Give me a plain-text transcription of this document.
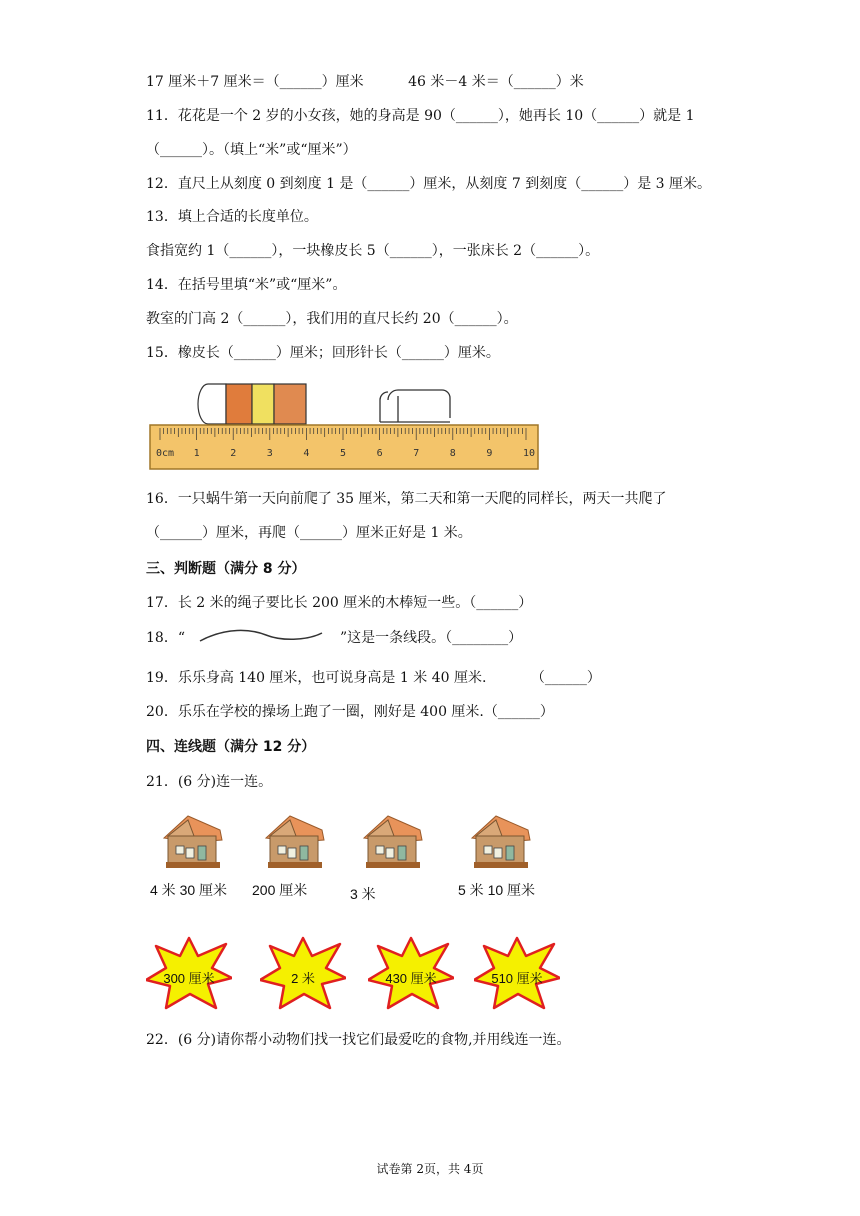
17 厘米＋7 厘米＝（______）厘米          46 米－4 米＝（______）米
11．花花是一个 2 岁的小女孩，她的身高是 90（______），她再长 10（______）就是 1
（______）。（填上“米”或“厘米”）
12．直尺上从刻度 0 到刻度 1 是（______）厘米，从刻度 7 到刻度（______）是 3 厘米。
13．填上合适的长度单位。
食指宽约 1（______），一块橡皮长 5（______），一张床长 2（______）。
14．在括号里填“米”或“厘米”。
教室的门高 2（______），我们用的直尺长约 20（______）。
15．橡皮长（______）厘米；回形针长（______）厘米。
0cm 1	2	3	4	5	6	7	8	9	10
16．一只蜗牛第一天向前爬了 35 厘米，第二天和第一天爬的同样长，两天一共爬了
（______）厘米，再爬（______）厘米正好是 1 米。
三、判断题（满分 8 分）
17．长 2 米的绳子要比长 200 厘米的木棒短一些。（______）
18．“	”这是一条线段。（________）
19．乐乐身高 140 厘米，也可说身高是 1 米 40 厘米.          （______）
20．乐乐在学校的操场上跑了一圈，刚好是 400 厘米.（______）
四、连线题（满分 12 分）
21．(6 分)连一连。
4 米 30 厘米 200 厘米	3 米	5 米 10 厘米
300 厘米	2 米	430 厘米	510 厘米
22．(6 分)请你帮小动物们找一找它们最爱吃的食物,并用线连一连。
试卷第 2页，共 4页
